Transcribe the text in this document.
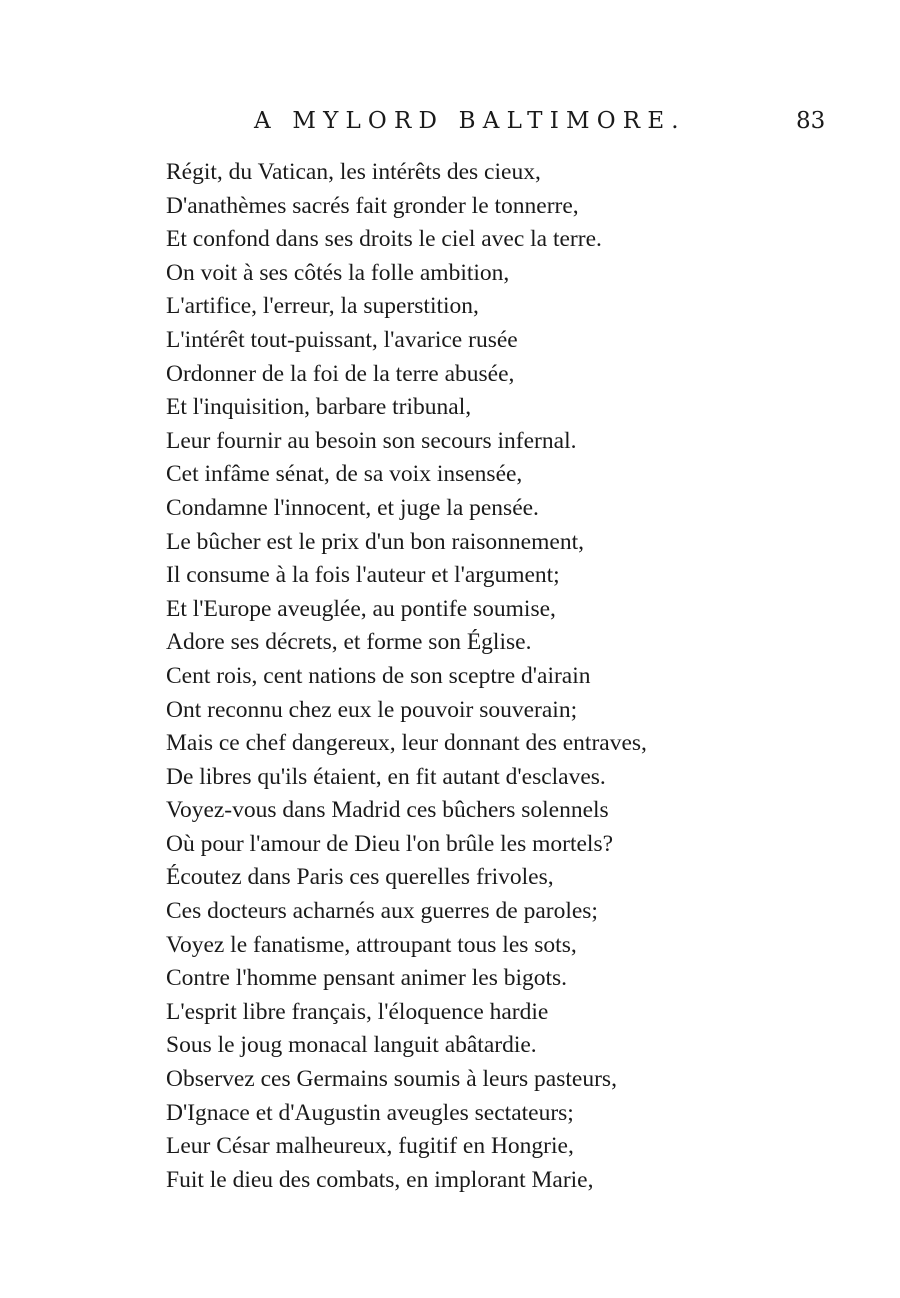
A MYLORD BALTIMORE.	83
Régit, du Vatican, les intérêts des cieux,
D'anathèmes sacrés fait gronder le tonnerre,
Et confond dans ses droits le ciel avec la terre.
On voit à ses côtés la folle ambition,
L'artifice, l'erreur, la superstition,
L'intérêt tout-puissant, l'avarice rusée
Ordonner de la foi de la terre abusée,
Et l'inquisition, barbare tribunal,
Leur fournir au besoin son secours infernal.
Cet infâme sénat, de sa voix insensée,
Condamne l'innocent, et juge la pensée.
Le bûcher est le prix d'un bon raisonnement,
Il consume à la fois l'auteur et l'argument;
Et l'Europe aveuglée, au pontife soumise,
Adore ses décrets, et forme son Église.
Cent rois, cent nations de son sceptre d'airain
Ont reconnu chez eux le pouvoir souverain;
Mais ce chef dangereux, leur donnant des entraves,
De libres qu'ils étaient, en fit autant d'esclaves.
Voyez-vous dans Madrid ces bûchers solennels
Où pour l'amour de Dieu l'on brûle les mortels?
Écoutez dans Paris ces querelles frivoles,
Ces docteurs acharnés aux guerres de paroles;
Voyez le fanatisme, attroupant tous les sots,
Contre l'homme pensant animer les bigots.
L'esprit libre français, l'éloquence hardie
Sous le joug monacal languit abâtardie.
Observez ces Germains soumis à leurs pasteurs,
D'Ignace et d'Augustin aveugles sectateurs;
Leur César malheureux, fugitif en Hongrie,
Fuit le dieu des combats, en implorant Marie,
